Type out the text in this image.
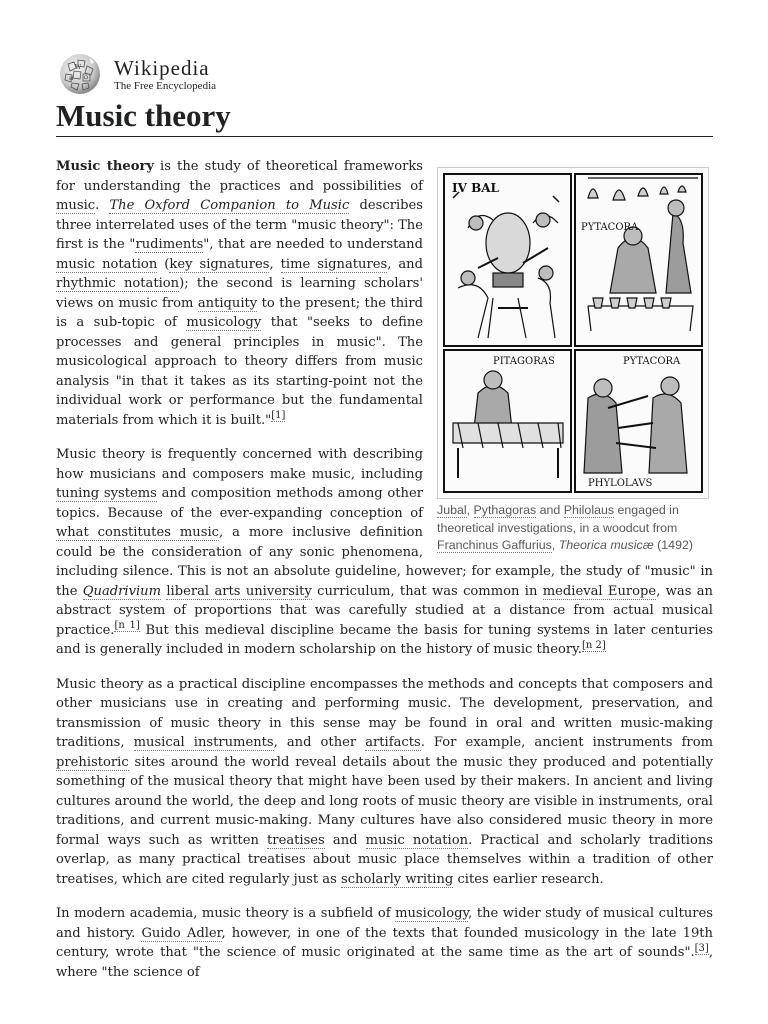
W
Ω
И Wikipedia
The Free Encyclopedia
Music theory
IV BAL
PYTACORA
PITAGORAS	PYTACORA
PHYLOLAVS
Jubal, Pythagoras and Philolaus engaged in theoretical investigations, in a woodcut from Franchinus Gaffurius, Theorica musicæ (1492)

Music theory is the study of theoretical frameworks for understanding the practices and possibilities of music. The Oxford Companion to Music describes three interrelated uses of the term "music theory": The first is the "rudiments", that are needed to understand music notation (key signatures, time signatures, and rhythmic notation); the second is learning scholars' views on music from antiquity to the present; the third is a sub-topic of musicology that "seeks to define processes and general principles in music". The musicological approach to theory differs from music analysis "in that it takes as its starting-point not the individual work or performance but the fundamental materials from which it is built."[1]

Music theory is frequently concerned with describing how musicians and composers make music, including tuning systems and composition methods among other topics. Because of the ever-expanding conception of what constitutes music, a more inclusive definition could be the consideration of any sonic phenomena, including silence. This is not an absolute guideline, however; for example, the study of "music" in the Quadrivium liberal arts university curriculum, that was common in medieval Europe, was an abstract system of proportions that was carefully studied at a distance from actual musical practice.[n 1] But this medieval discipline became the basis for tuning systems in later centuries and is generally included in modern scholarship on the history of music theory.[n 2]

Music theory as a practical discipline encompasses the methods and concepts that composers and other musicians use in creating and performing music. The development, preservation, and transmission of music theory in this sense may be found in oral and written music-making traditions, musical instruments, and other artifacts. For example, ancient instruments from prehistoric sites around the world reveal details about the music they produced and potentially something of the musical theory that might have been used by their makers. In ancient and living cultures around the world, the deep and long roots of music theory are visible in instruments, oral traditions, and current music-making. Many cultures have also considered music theory in more formal ways such as written treatises and music notation. Practical and scholarly traditions overlap, as many practical treatises about music place themselves within a tradition of other treatises, which are cited regularly just as scholarly writing cites earlier research.

In modern academia, music theory is a subfield of musicology, the wider study of musical cultures and history. Guido Adler, however, in one of the texts that founded musicology in the late 19th century, wrote that "the science of music originated at the same time as the art of sounds".[3], where "the science of
